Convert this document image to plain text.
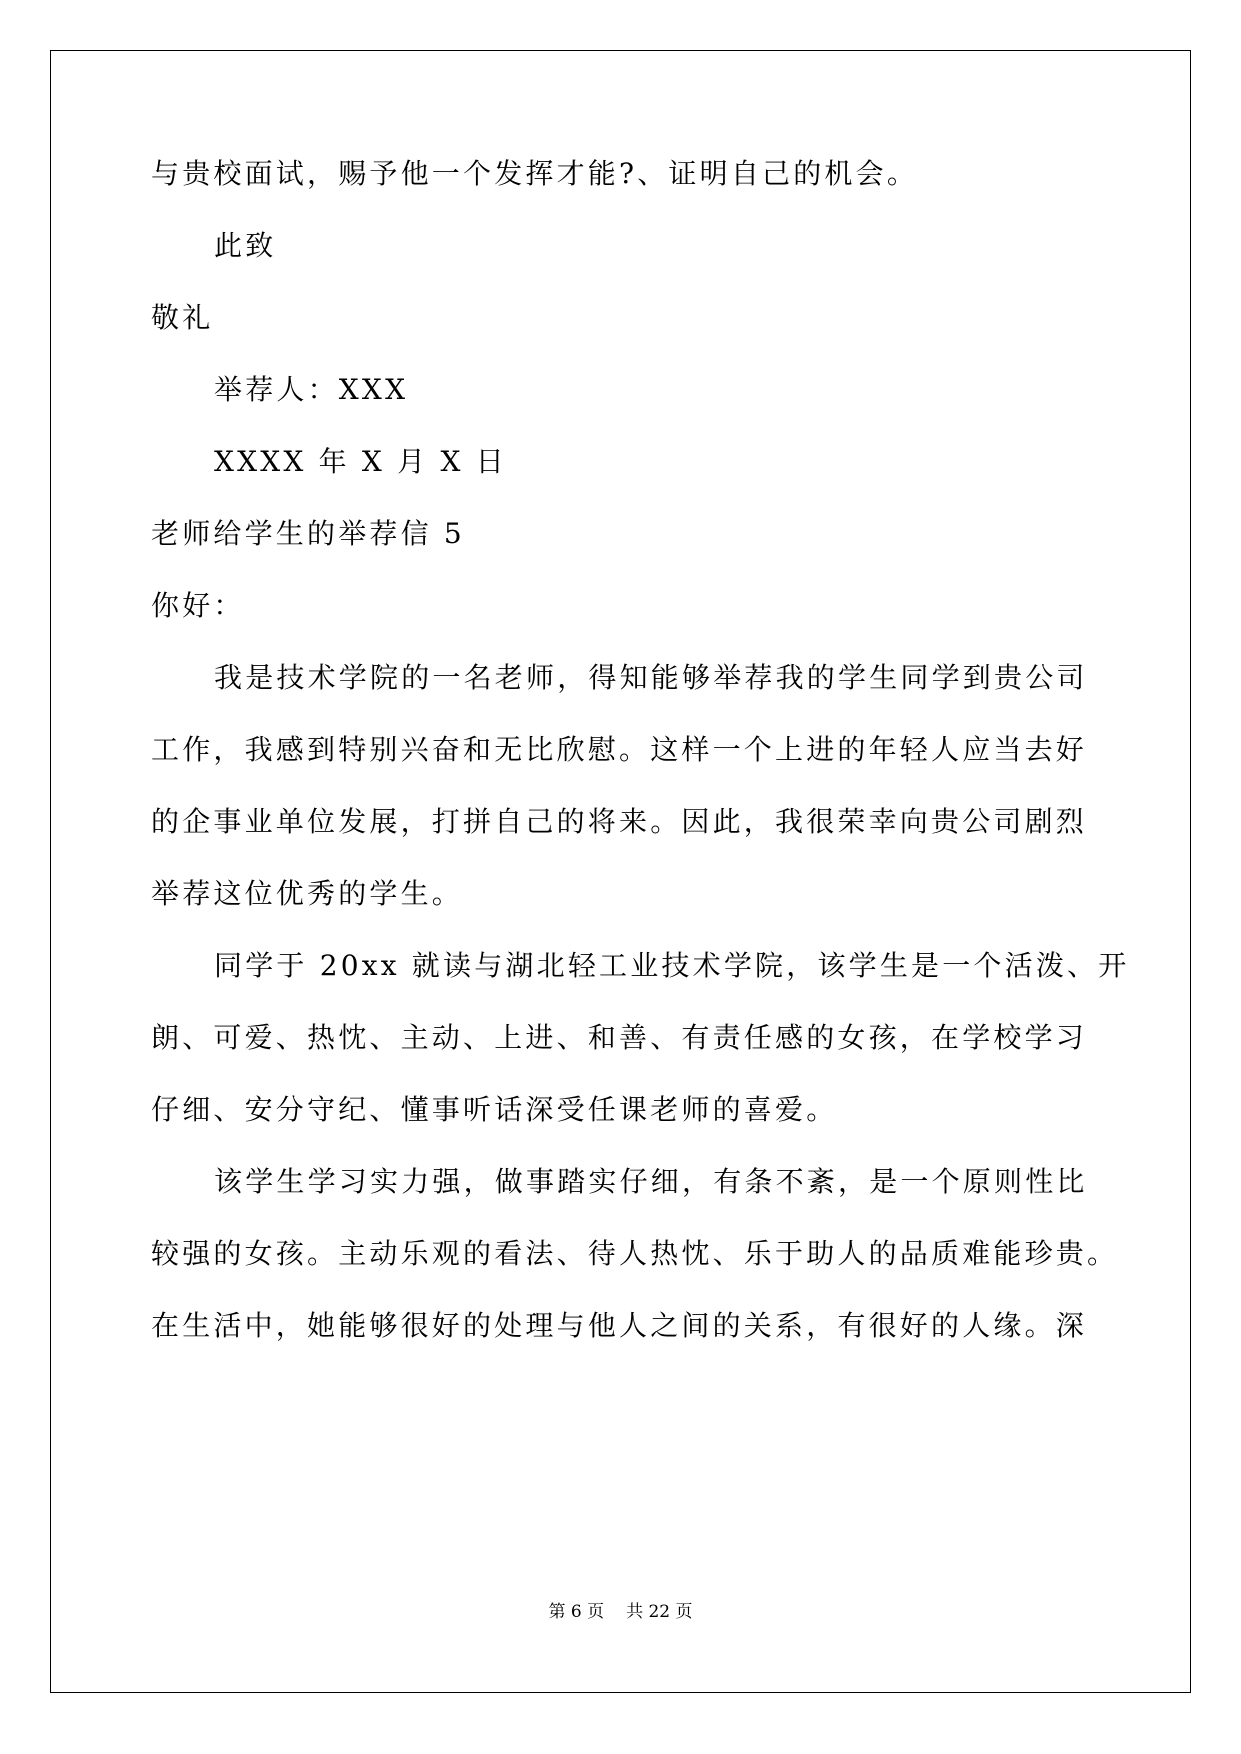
与贵校面试，赐予他一个发挥才能?、证明自己的机会。

此致

敬礼

举荐人：XXX

XXXX 年 X 月 X 日

老师给学生的举荐信 5

你好：

我是技术学院的一名老师，得知能够举荐我的学生同学到贵公司

工作，我感到特别兴奋和无比欣慰。这样一个上进的年轻人应当去好

的企事业单位发展，打拼自己的将来。因此，我很荣幸向贵公司剧烈

举荐这位优秀的学生。

同学于 20xx 就读与湖北轻工业技术学院，该学生是一个活泼、开

朗、可爱、热忱、主动、上进、和善、有责任感的女孩，在学校学习

仔细、安分守纪、懂事听话深受任课老师的喜爱。

该学生学习实力强，做事踏实仔细，有条不紊，是一个原则性比

较强的女孩。主动乐观的看法、待人热忱、乐于助人的品质难能珍贵。

在生活中，她能够很好的处理与他人之间的关系，有很好的人缘。深

第 6 页 共 22 页
